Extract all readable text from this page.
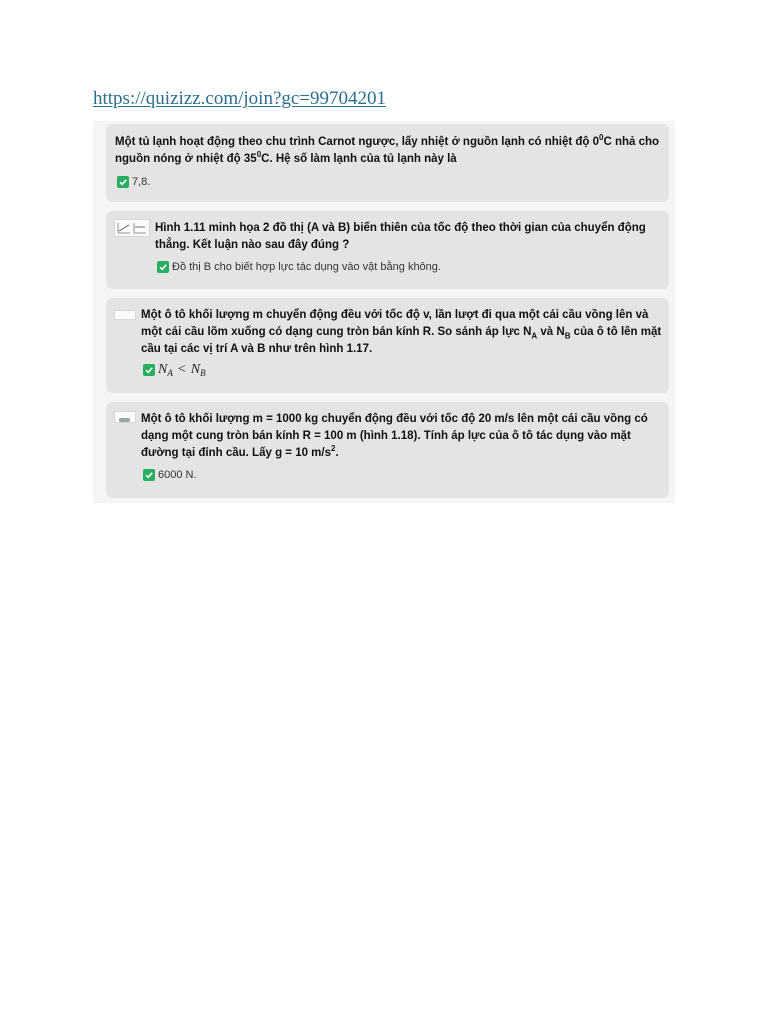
https://quizizz.com/join?gc=99704201
Một tủ lạnh hoạt động theo chu trình Carnot ngược, lấy nhiệt ở nguồn lạnh có nhiệt độ $0^0C$ nhả cho nguồn nóng ở nhiệt độ $35^0C$. Hệ số làm lạnh của tủ lạnh này là
7,8.
Hình 1.11 minh họa 2 đồ thị (A và B) biến thiên của tốc độ theo thời gian của chuyển động thẳng. Kết luận nào sau đây đúng ?
Đồ thị B cho biết hợp lực tác dụng vào vật bằng không.
Một ô tô khối lượng m chuyển động đều với tốc độ v, lần lượt đi qua một cái cầu vồng lên và một cái cầu lõm xuống có dạng cung tròn bán kính R. So sánh áp lực $N_A$ và $N_B$ của ô tô lên mặt cầu tại các vị trí A và B như trên hình 1.17.
$N_A < N_B$
Một ô tô khối lượng m = 1000 kg chuyển động đều với tốc độ 20 m/s lên một cái cầu vồng có dạng một cung tròn bán kính R = 100 m (hình 1.18). Tính áp lực của ô tô tác dụng vào mặt đường tại đỉnh cầu. Lấy g = 10 $m/s^2$.
6000 N.
